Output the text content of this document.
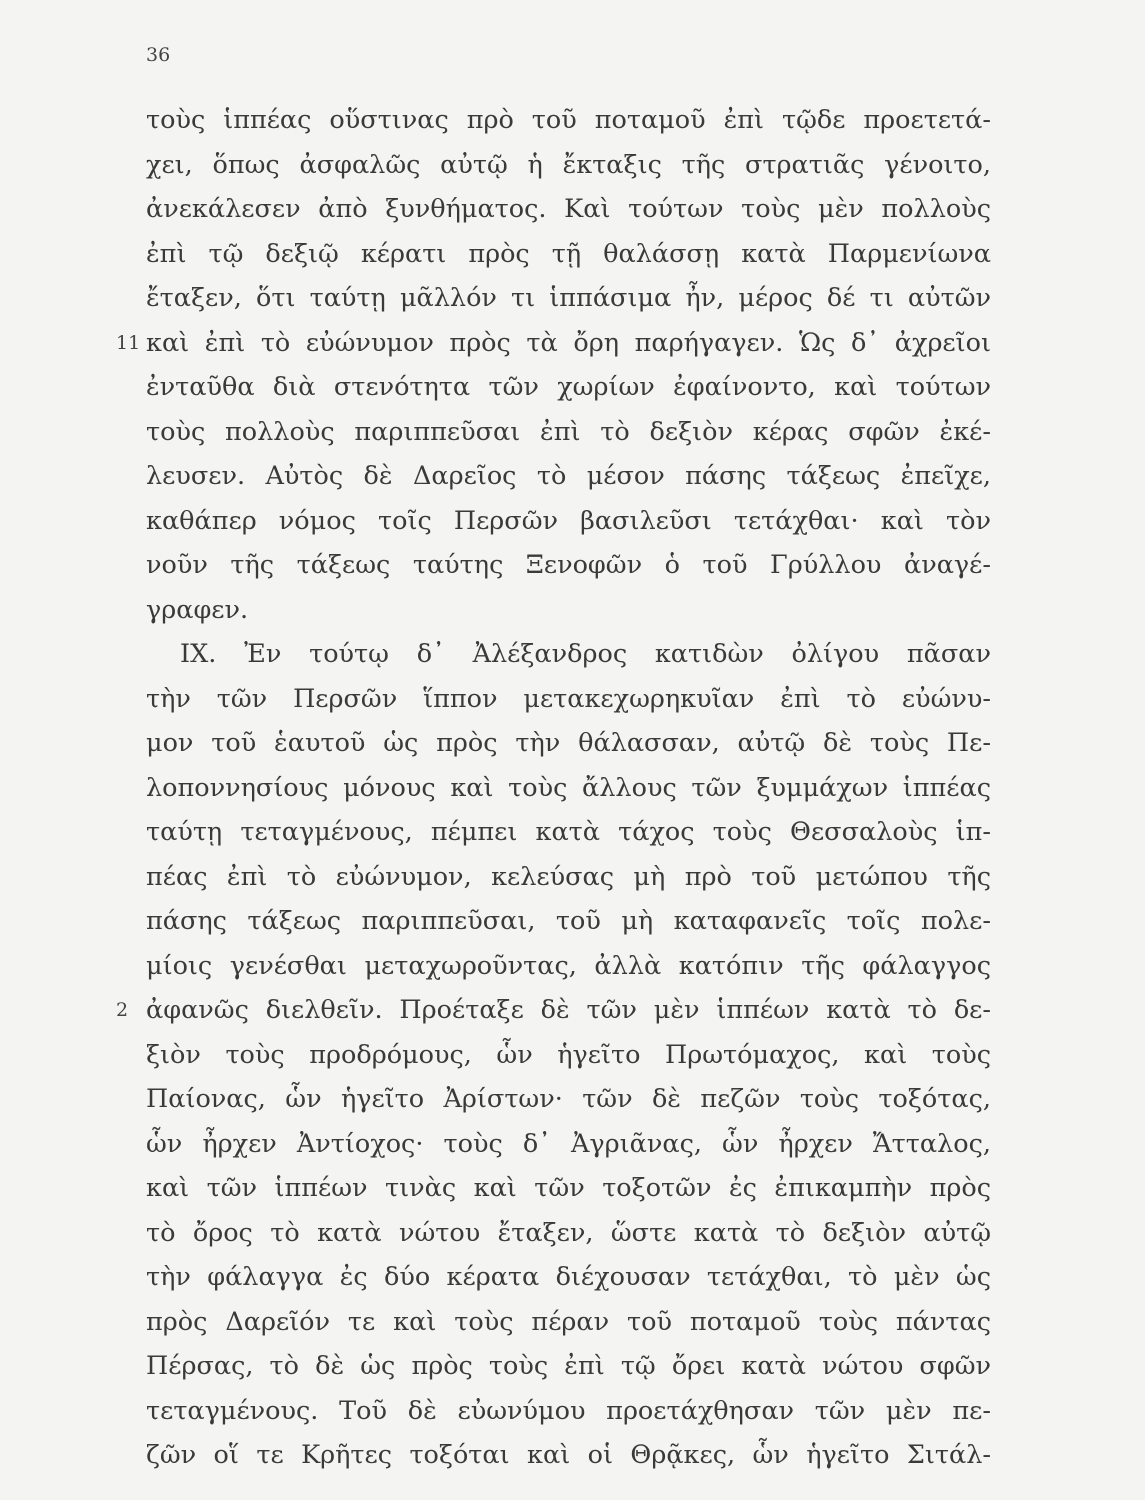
36
τοὺς ἱππέας οὕστινας πρὸ τοῦ ποταμοῦ ἐπὶ τῷδε προετετά-
χει, ὅπως ἀσφαλῶς αὐτῷ ἡ ἔκταξις τῆς στρατιᾶς γένοιτο,
ἀνεκάλεσεν ἀπὸ ξυνθήματος. Καὶ τούτων τοὺς μὲν πολλοὺς
ἐπὶ τῷ δεξιῷ κέρατι πρὸς τῇ θαλάσσῃ κατὰ Παρμενίωνα
ἔταξεν, ὅτι ταύτῃ μᾶλλόν τι ἱππάσιμα ἦν, μέρος δέ τι αὐτῶν
11 καὶ ἐπὶ τὸ εὐώνυμον πρὸς τὰ ὄρη παρήγαγεν. Ὡς δ᾿ ἀχρεῖοι
ἐνταῦθα διὰ στενότητα τῶν χωρίων ἐφαίνοντο, καὶ τούτων
τοὺς πολλοὺς παριππεῦσαι ἐπὶ τὸ δεξιὸν κέρας σφῶν ἐκέ-
λευσεν. Αὐτὸς δὲ Δαρεῖος τὸ μέσον πάσης τάξεως ἐπεῖχε,
καθάπερ νόμος τοῖς Περσῶν βασιλεῦσι τετάχθαι· καὶ τὸν
νοῦν τῆς τάξεως ταύτης Ξενοφῶν ὁ τοῦ Γρύλλου ἀναγέ-
γραφεν.
IX. Ἐν τούτῳ δ᾿ Ἀλέξανδρος κατιδὼν ὀλίγου πᾶσαν
τὴν τῶν Περσῶν ἵππον μετακεχωρηκυῖαν ἐπὶ τὸ εὐώνυ-
μον τοῦ ἑαυτοῦ ὡς πρὸς τὴν θάλασσαν, αὐτῷ δὲ τοὺς Πε-
λοποννησίους μόνους καὶ τοὺς ἄλλους τῶν ξυμμάχων ἱππέας
ταύτῃ τεταγμένους, πέμπει κατὰ τάχος τοὺς Θεσσαλοὺς ἱπ-
πέας ἐπὶ τὸ εὐώνυμον, κελεύσας μὴ πρὸ τοῦ μετώπου τῆς
πάσης τάξεως παριππεῦσαι, τοῦ μὴ καταφανεῖς τοῖς πολε-
μίοις γενέσθαι μεταχωροῦντας, ἀλλὰ κατόπιν τῆς φάλαγγος
2 ἀφανῶς διελθεῖν. Προέταξε δὲ τῶν μὲν ἱππέων κατὰ τὸ δε-
ξιὸν τοὺς προδρόμους, ὧν ἡγεῖτο Πρωτόμαχος, καὶ τοὺς
Παίονας, ὧν ἡγεῖτο Ἀρίστων· τῶν δὲ πεζῶν τοὺς τοξότας,
ὧν ἦρχεν Ἀντίοχος· τοὺς δ᾿ Ἀγριᾶνας, ὧν ἦρχεν Ἄτταλος,
καὶ τῶν ἱππέων τινὰς καὶ τῶν τοξοτῶν ἐς ἐπικαμπὴν πρὸς
τὸ ὄρος τὸ κατὰ νώτου ἔταξεν, ὥστε κατὰ τὸ δεξιὸν αὐτῷ
τὴν φάλαγγα ἐς δύο κέρατα διέχουσαν τετάχθαι, τὸ μὲν ὡς
πρὸς Δαρεῖόν τε καὶ τοὺς πέραν τοῦ ποταμοῦ τοὺς πάντας
Πέρσας, τὸ δὲ ὡς πρὸς τοὺς ἐπὶ τῷ ὄρει κατὰ νώτου σφῶν
τεταγμένους. Τοῦ δὲ εὐωνύμου προετάχθησαν τῶν μὲν πε-
ζῶν οἵ τε Κρῆτες τοξόται καὶ οἱ Θρᾷκες, ὧν ἡγεῖτο Σιτάλ-
